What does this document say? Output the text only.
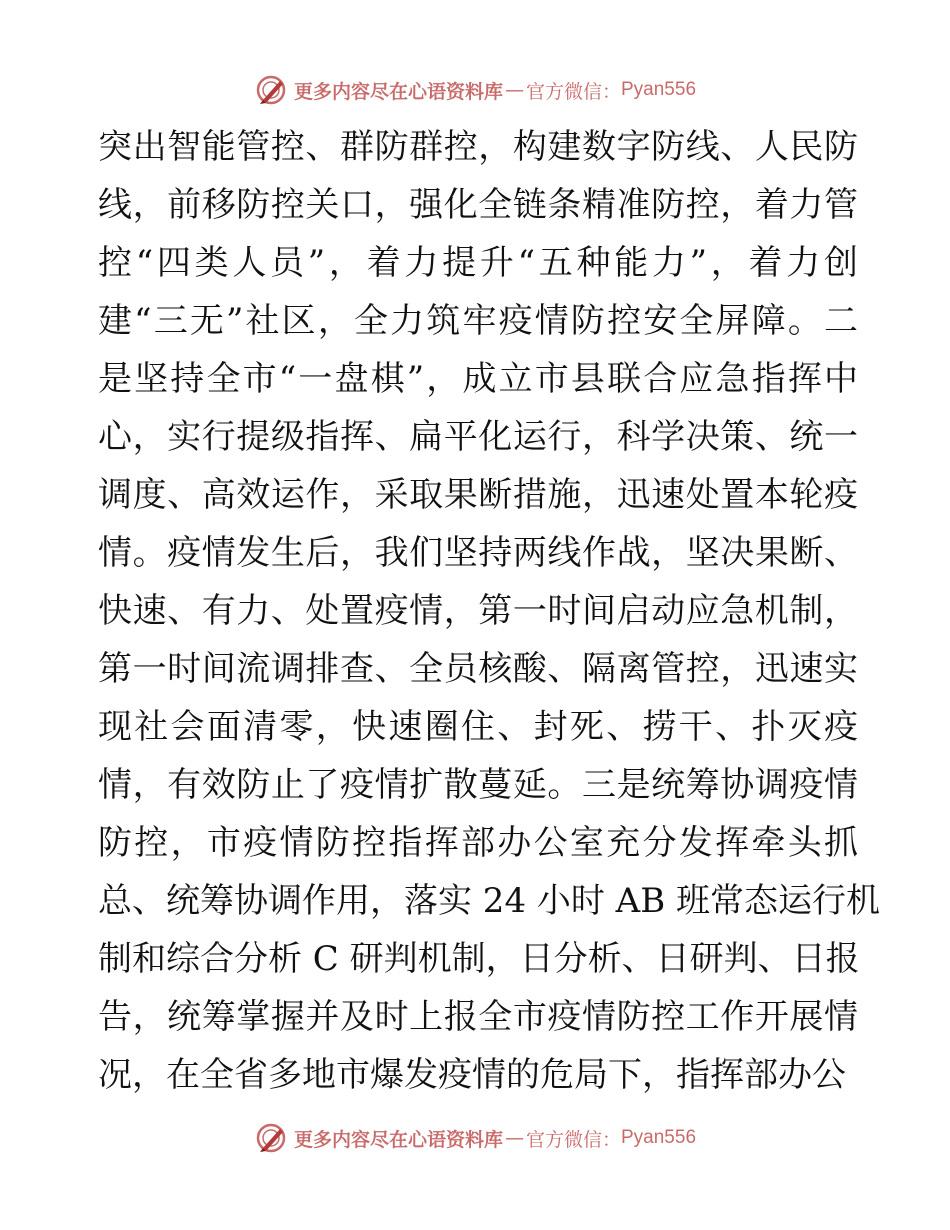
更多内容尽在心语资料库 — 官方微信： Pyan556
突出智能管控、群防群控，构建数字防线、人民防
线，前移防控关口，强化全链条精准防控，着力管
控“四类人员”，着力提升“五种能力”，着力创
建“三无”社区，全力筑牢疫情防控安全屏障。二
是坚持全市“一盘棋”，成立市县联合应急指挥中
心，实行提级指挥、扁平化运行，科学决策、统一
调度、高效运作，采取果断措施，迅速处置本轮疫
情。疫情发生后，我们坚持两线作战，坚决果断、
快速、有力、处置疫情，第一时间启动应急机制，
第一时间流调排查、全员核酸、隔离管控，迅速实
现社会面清零，快速圈住、封死、捞干、扑灭疫
情，有效防止了疫情扩散蔓延。三是统筹协调疫情
防控，市疫情防控指挥部办公室充分发挥牵头抓
总、统筹协调作用，落实 24 小时 AB 班常态运行机
制和综合分析 C 研判机制，日分析、日研判、日报
告，统筹掌握并及时上报全市疫情防控工作开展情
况，在全省多地市爆发疫情的危局下，指挥部办公
更多内容尽在心语资料库 — 官方微信： Pyan556
